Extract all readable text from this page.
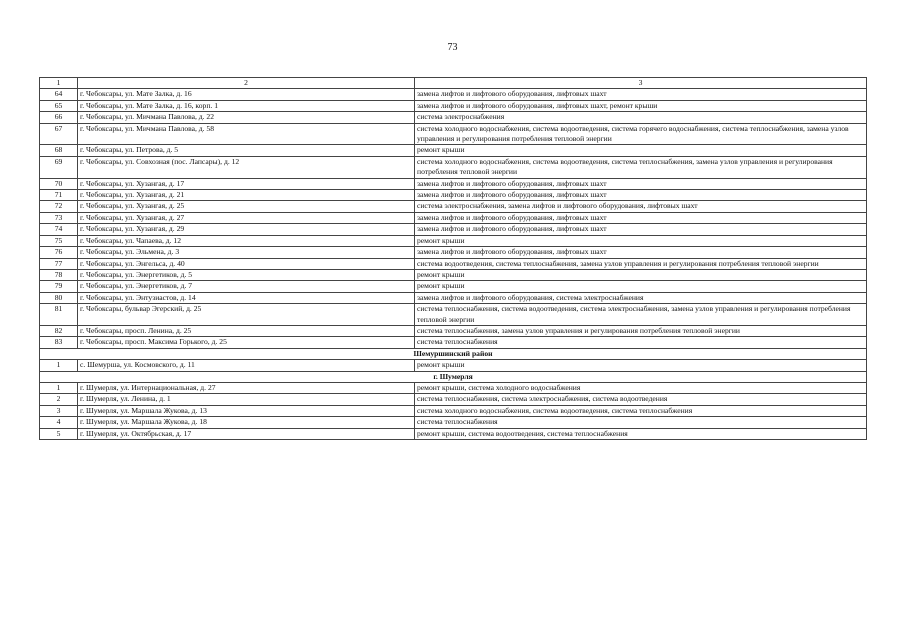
73
1	2	3
64	г. Чебоксары, ул. Мате Залка, д. 16	замена лифтов и лифтового оборудования, лифтовых шахт
65	г. Чебоксары, ул. Мате Залка, д. 16, корп. 1	замена лифтов и лифтового оборудования, лифтовых шахт, ремонт крыши
66	г. Чебоксары, ул. Мичмана Павлова, д. 22	система электроснабжения
67	г. Чебоксары, ул. Мичмана Павлова, д. 58	система холодного водоснабжения, система водоотведения, система горячего водоснабжения, система теплоснабжения, замена узлов управления и регулирования потребления тепловой энергии
68	г. Чебоксары, ул. Петрова, д. 5	ремонт крыши
69	г. Чебоксары, ул. Совхозная (пос. Лапсары), д. 12	система холодного водоснабжения, система водоотведения, система теплоснабжения, замена узлов управления и регулирования потребления тепловой энергии
70	г. Чебоксары, ул. Хузангая, д. 17	замена лифтов и лифтового оборудования, лифтовых шахт
71	г. Чебоксары, ул. Хузангая, д. 21	замена лифтов и лифтового оборудования, лифтовых шахт
72	г. Чебоксары, ул. Хузангая, д. 25	система электроснабжения, замена лифтов и лифтового оборудования, лифтовых шахт
73	г. Чебоксары, ул. Хузангая, д. 27	замена лифтов и лифтового оборудования, лифтовых шахт
74	г. Чебоксары, ул. Хузангая, д. 29	замена лифтов и лифтового оборудования, лифтовых шахт
75	г. Чебоксары, ул. Чапаева, д. 12	ремонт крыши
76	г. Чебоксары, ул. Эльмена, д. 3	замена лифтов и лифтового оборудования, лифтовых шахт
77	г. Чебоксары, ул. Энгельса, д. 40	система водоотведения, система теплоснабжения, замена узлов управления и регулирования потребления тепловой энергии
78	г. Чебоксары, ул. Энергетиков, д. 5	ремонт крыши
79	г. Чебоксары, ул. Энергетиков, д. 7	ремонт крыши
80	г. Чебоксары, ул. Энтузиастов, д. 14	замена лифтов и лифтового оборудования, система электроснабжения
81	г. Чебоксары, бульвар Эгерский, д. 25	система теплоснабжения, система водоотведения, система электроснабжения, замена узлов управления и регулирования потребления тепловой энергии
82	г. Чебоксары, просп. Ленина, д. 25	система теплоснабжения, замена узлов управления и регулирования потребления тепловой энергии
83	г. Чебоксары, просп. Максима Горького, д. 25	система теплоснабжения
Шемуршинский район		
1	с. Шемурша, ул. Космовского, д. 11	ремонт крыши
г. Шумерля		
1	г. Шумерля, ул. Интернациональная, д. 27	ремонт крыши, система холодного водоснабжения
2	г. Шумерля, ул. Ленина, д. 1	система теплоснабжения, система электроснабжения, система водоотведения
3	г. Шумерля, ул. Маршала Жукова, д. 13	система холодного водоснабжения, система водоотведения, система теплоснабжения
4	г. Шумерля, ул. Маршала Жукова, д. 18	система теплоснабжения
5	г. Шумерля, ул. Октябрьская, д. 17	ремонт крыши, система водоотведения, система теплоснабжения
